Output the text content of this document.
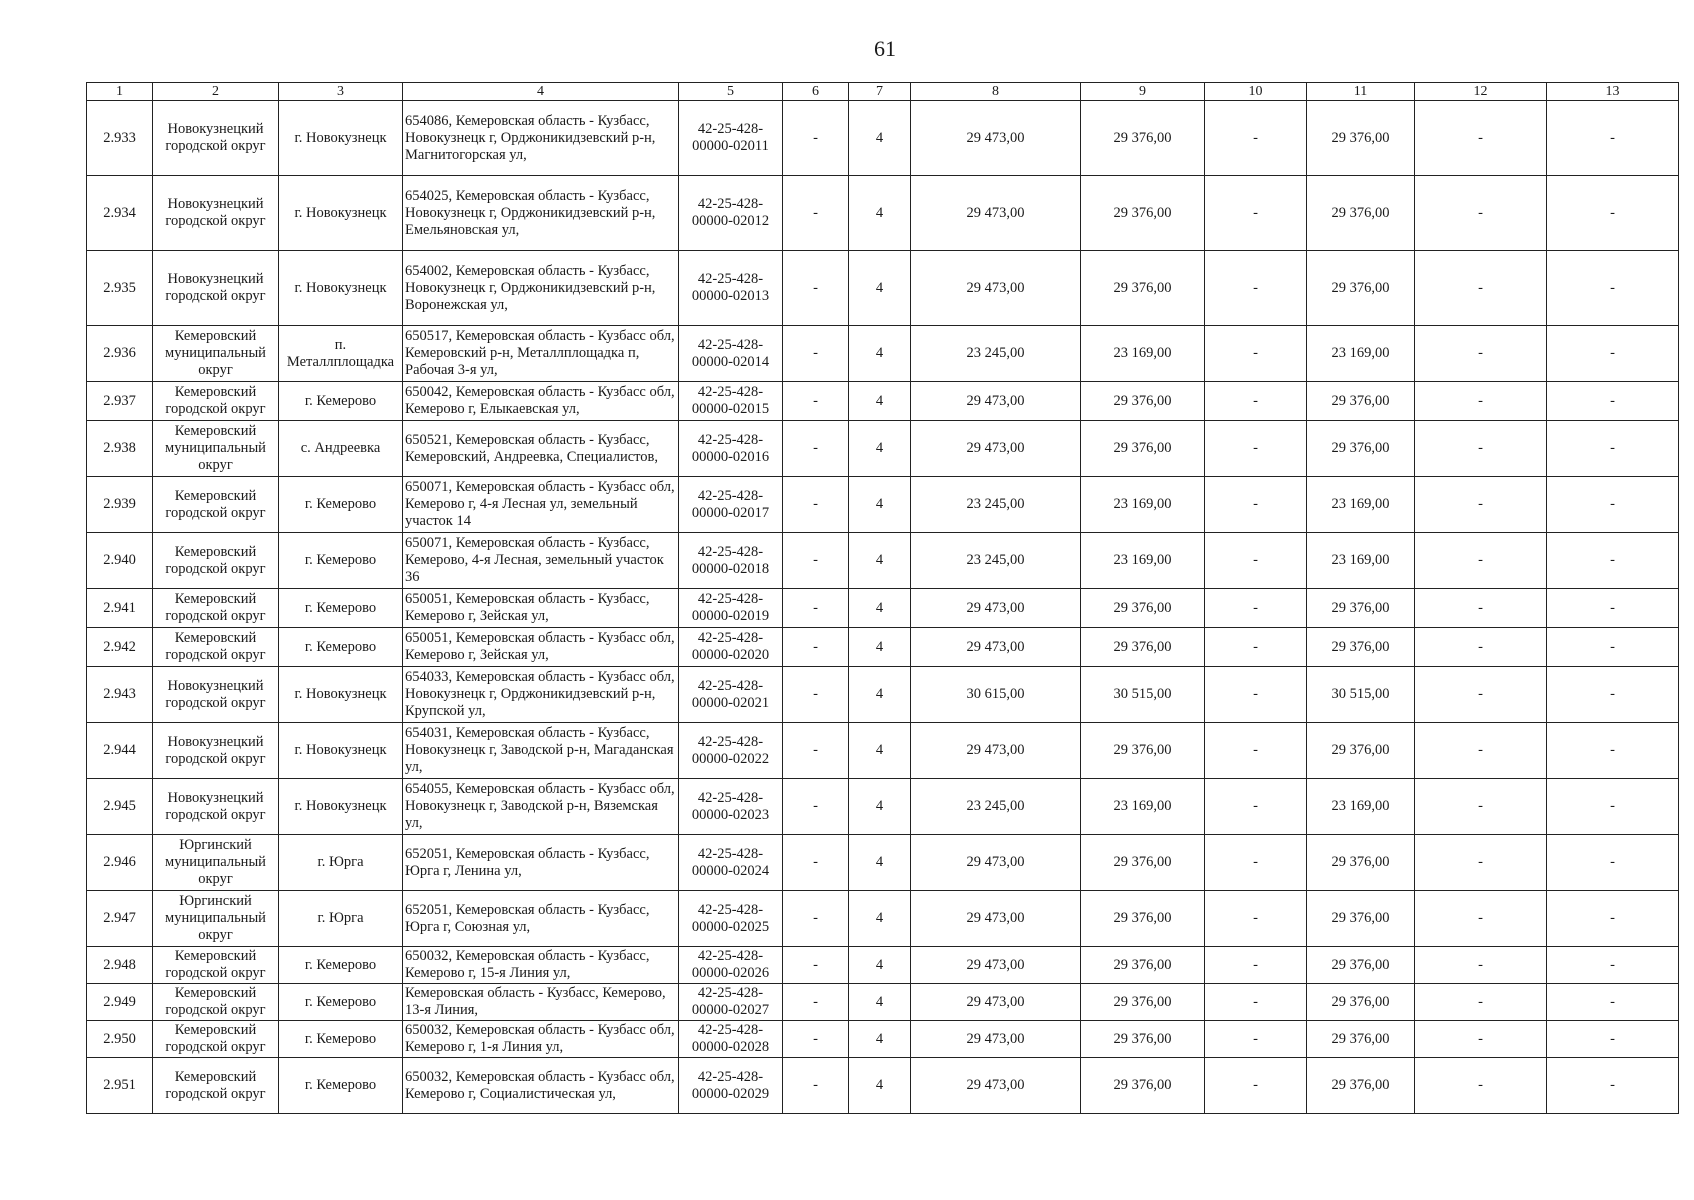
61
1	2	3	4	5	6	7	8	9	10	11	12	13
2.933	Новокузнецкий городской округ	г. Новокузнецк	654086, Кемеровская область - Кузбасс, Новокузнецк г, Орджоникидзевский р-н, Магнитогорская ул,	42-25-428-00000-02011	-	4	29 473,00	29 376,00	-	29 376,00	-	-
2.934	Новокузнецкий городской округ	г. Новокузнецк	654025, Кемеровская область - Кузбасс, Новокузнецк г, Орджоникидзевский р-н, Емельяновская ул,	42-25-428-00000-02012	-	4	29 473,00	29 376,00	-	29 376,00	-	-
2.935	Новокузнецкий городской округ	г. Новокузнецк	654002, Кемеровская область - Кузбасс, Новокузнецк г, Орджоникидзевский р-н, Воронежская ул,	42-25-428-00000-02013	-	4	29 473,00	29 376,00	-	29 376,00	-	-
2.936	Кемеровский муниципальный округ	п. Металлплощадка	650517, Кемеровская область - Кузбасс обл, Кемеровский р-н, Металлплощадка п, Рабочая 3-я ул,	42-25-428-00000-02014	-	4	23 245,00	23 169,00	-	23 169,00	-	-
2.937	Кемеровский городской округ	г. Кемерово	650042, Кемеровская область - Кузбасс обл, Кемерово г, Елыкаевская ул,	42-25-428-00000-02015	-	4	29 473,00	29 376,00	-	29 376,00	-	-
2.938	Кемеровский муниципальный округ	с. Андреевка	650521, Кемеровская область - Кузбасс, Кемеровский, Андреевка, Специалистов,	42-25-428-00000-02016	-	4	29 473,00	29 376,00	-	29 376,00	-	-
2.939	Кемеровский городской округ	г. Кемерово	650071, Кемеровская область - Кузбасс обл, Кемерово г, 4-я Лесная ул, земельный участок 14	42-25-428-00000-02017	-	4	23 245,00	23 169,00	-	23 169,00	-	-
2.940	Кемеровский городской округ	г. Кемерово	650071, Кемеровская область - Кузбасс, Кемерово, 4-я Лесная, земельный участок 36	42-25-428-00000-02018	-	4	23 245,00	23 169,00	-	23 169,00	-	-
2.941	Кемеровский городской округ	г. Кемерово	650051, Кемеровская область - Кузбасс, Кемерово г, Зейская ул,	42-25-428-00000-02019	-	4	29 473,00	29 376,00	-	29 376,00	-	-
2.942	Кемеровский городской округ	г. Кемерово	650051, Кемеровская область - Кузбасс обл, Кемерово г, Зейская ул,	42-25-428-00000-02020	-	4	29 473,00	29 376,00	-	29 376,00	-	-
2.943	Новокузнецкий городской округ	г. Новокузнецк	654033, Кемеровская область - Кузбасс обл, Новокузнецк г, Орджоникидзевский р-н, Крупской ул,	42-25-428-00000-02021	-	4	30 615,00	30 515,00	-	30 515,00	-	-
2.944	Новокузнецкий городской округ	г. Новокузнецк	654031, Кемеровская область - Кузбасс, Новокузнецк г, Заводской р-н, Магаданская ул,	42-25-428-00000-02022	-	4	29 473,00	29 376,00	-	29 376,00	-	-
2.945	Новокузнецкий городской округ	г. Новокузнецк	654055, Кемеровская область - Кузбасс обл, Новокузнецк г, Заводской р-н, Вяземская ул,	42-25-428-00000-02023	-	4	23 245,00	23 169,00	-	23 169,00	-	-
2.946	Юргинский муниципальный округ	г. Юрга	652051, Кемеровская область - Кузбасс, Юрга г, Ленина ул,	42-25-428-00000-02024	-	4	29 473,00	29 376,00	-	29 376,00	-	-
2.947	Юргинский муниципальный округ	г. Юрга	652051, Кемеровская область - Кузбасс, Юрга г, Союзная ул,	42-25-428-00000-02025	-	4	29 473,00	29 376,00	-	29 376,00	-	-
2.948	Кемеровский городской округ	г. Кемерово	650032, Кемеровская область - Кузбасс, Кемерово г, 15-я Линия ул,	42-25-428-00000-02026	-	4	29 473,00	29 376,00	-	29 376,00	-	-
2.949	Кемеровский городской округ	г. Кемерово	Кемеровская область - Кузбасс, Кемерово, 13-я Линия,	42-25-428-00000-02027	-	4	29 473,00	29 376,00	-	29 376,00	-	-
2.950	Кемеровский городской округ	г. Кемерово	650032, Кемеровская область - Кузбасс обл, Кемерово г, 1-я Линия ул,	42-25-428-00000-02028	-	4	29 473,00	29 376,00	-	29 376,00	-	-
2.951	Кемеровский городской округ	г. Кемерово	650032, Кемеровская область - Кузбасс обл, Кемерово г, Социалистическая ул,	42-25-428-00000-02029	-	4	29 473,00	29 376,00	-	29 376,00	-	-
